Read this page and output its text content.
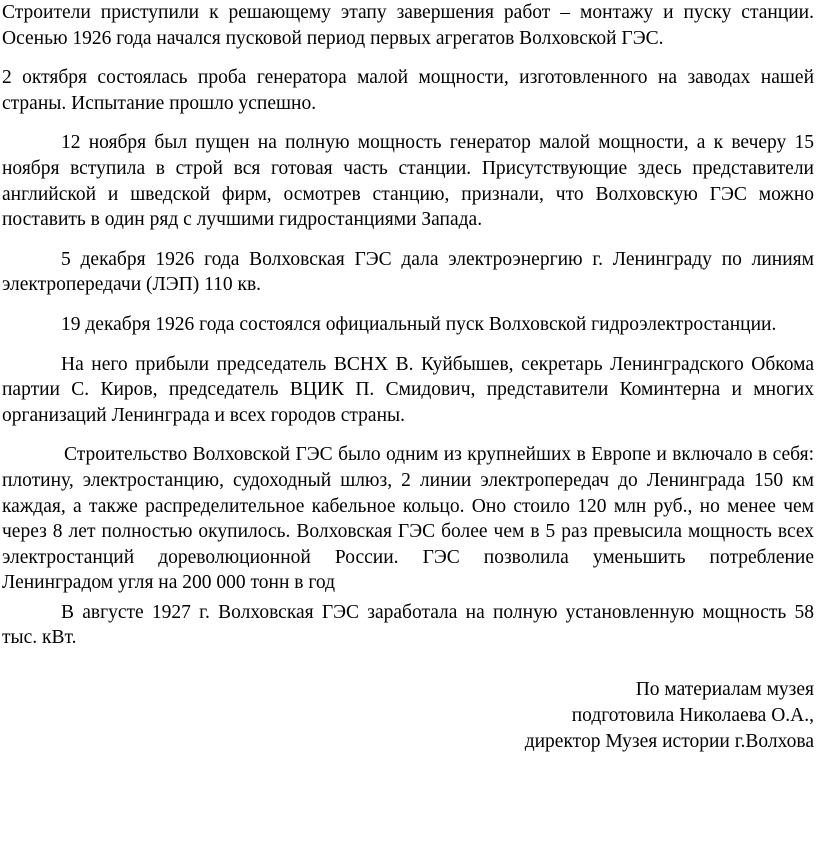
Строители приступили к решающему этапу завершения работ – монтажу и пуску станции. Осенью 1926 года начался пусковой период первых агрегатов Волховской ГЭС.

2 октября состоялась проба генератора малой мощности, изготовленного на заводах нашей страны. Испытание прошло успешно.

12 ноября был пущен на полную мощность генератор малой мощности, а к вечеру 15 ноября вступила в строй вся готовая часть станции. Присутствующие здесь представители английской и шведской фирм, осмотрев станцию, признали, что Волховскую ГЭС можно поставить в один ряд с лучшими гидростанциями Запада.

5 декабря 1926 года Волховская ГЭС дала электроэнергию г. Ленинграду по линиям электропередачи (ЛЭП) 110 кв.

19 декабря 1926 года состоялся официальный пуск Волховской гидроэлектростанции.

На него прибыли председатель ВСНХ В. Куйбышев, секретарь Ленинградского Обкома партии С. Киров, председатель ВЦИК П. Смидович, представители Коминтерна и многих организаций Ленинграда и всех городов страны.

Строительство Волховской ГЭС было одним из крупнейших в Европе и включало в себя: плотину, электростанцию, судоходный шлюз, 2 линии электропередач до Ленинграда 150 км каждая, а также распределительное кабельное кольцо. Оно стоило 120 млн руб., но менее чем через 8 лет полностью окупилось. Волховская ГЭС более чем в 5 раз превысила мощность всех электростанций дореволюционной России. ГЭС позволила уменьшить потребление Ленинградом угля на 200 000 тонн в год

В августе 1927 г. Волховская ГЭС заработала на полную установленную мощность 58 тыс. кВт.

По материалам музея
подготовила Николаева О.А.,
директор Музея истории г.Волхова
